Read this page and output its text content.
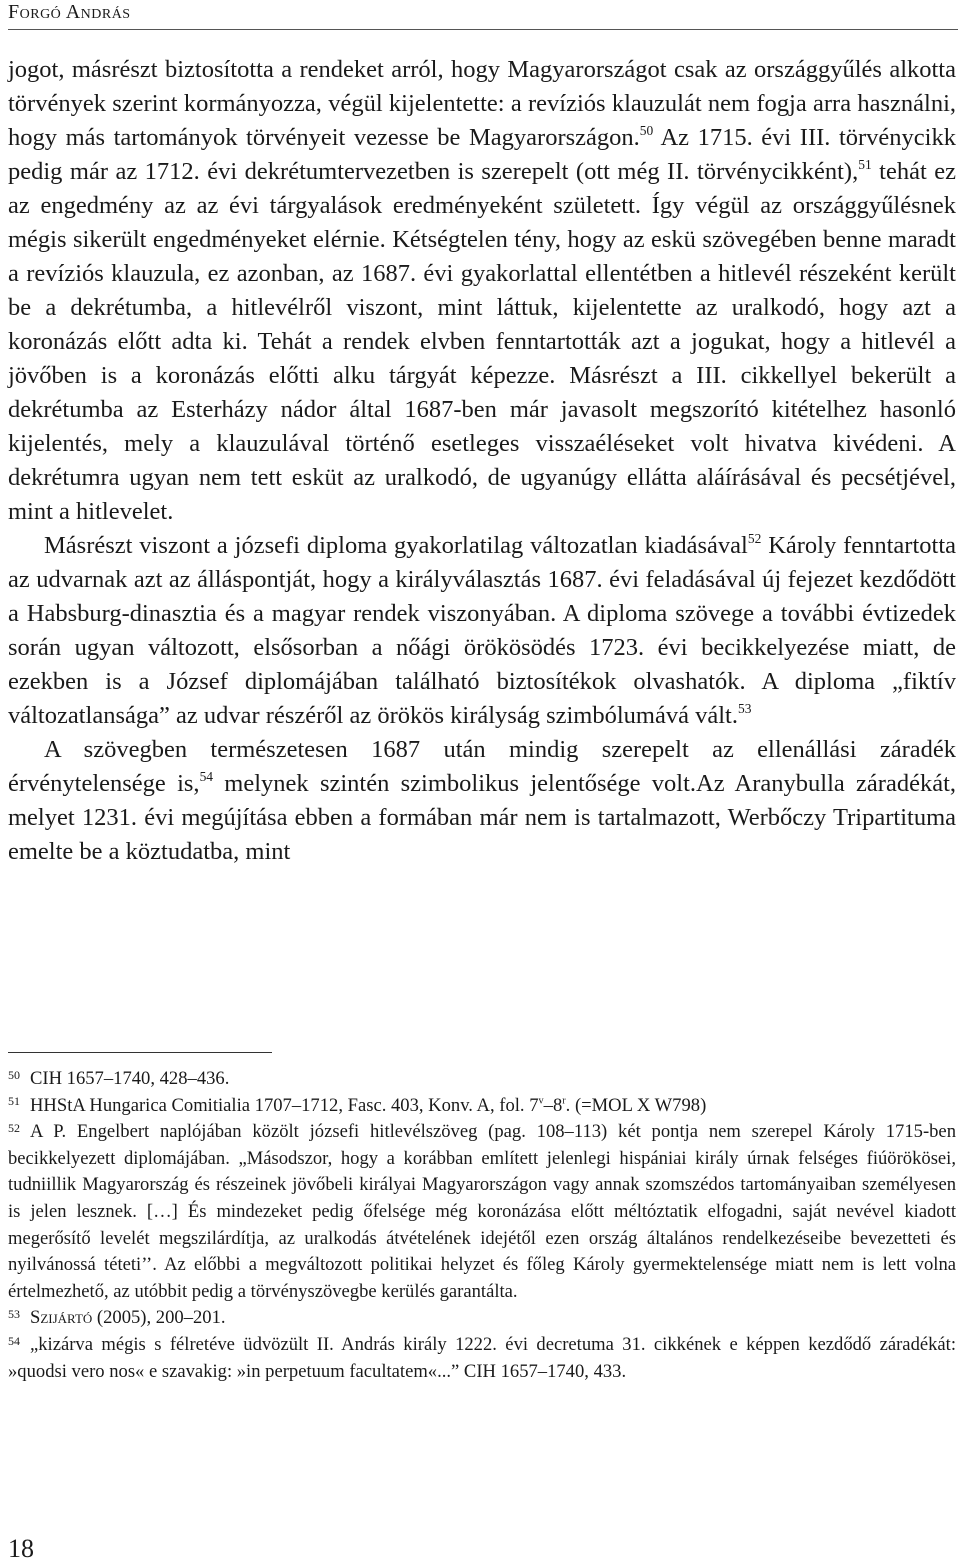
Forgó András

jogot, másrészt biztosította a rendeket arról, hogy Magyarországot csak az országgyűlés alkotta törvények szerint kormányozza, végül kijelentette: a revíziós klauzulát nem fogja arra használni, hogy más tartományok törvényeit vezesse be Magyarországon.$^{50}$ Az 1715. évi III. törvénycikk pedig már az 1712. évi dekrétumtervezetben is szerepelt (ott még II. törvénycikként),$^{51}$ tehát ez az engedmény az az évi tárgyalások eredményeként született. Így végül az országgyűlésnek mégis sikerült engedményeket elérnie. Kétségtelen tény, hogy az eskü szövegében benne maradt a revíziós klauzula, ez azonban, az 1687. évi gyakorlattal ellentétben a hitlevél részeként került be a dekrétumba, a hitlevélről viszont, mint láttuk, kijelentette az uralkodó, hogy azt a koronázás előtt adta ki. Tehát a rendek elvben fenntartották azt a jogukat, hogy a hitlevél a jövőben is a koronázás előtti alku tárgyát képezze. Másrészt a III. cikkellyel bekerült a dekrétumba az Esterházy nádor által 1687-ben már javasolt megszorító kitételhez hasonló kijelentés, mely a klauzulával történő esetleges visszaéléseket volt hivatva kivédeni. A dekrétumra ugyan nem tett esküt az uralkodó, de ugyanúgy ellátta aláírásával és pecsétjével, mint a hitlevelet.

Másrészt viszont a józsefi diploma gyakorlatilag változatlan kiadásával$^{52}$ Károly fenntartotta az udvarnak azt az álláspontját, hogy a királyválasztás 1687. évi feladásával új fejezet kezdődött a Habsburg-dinasztia és a magyar rendek viszonyában. A diploma szövege a további évtizedek során ugyan változott, elsősorban a nőági örökösödés 1723. évi becikkelyezése miatt, de ezekben is a József diplomájában található biztosítékok olvashatók. A diploma „fiktív változatlansága” az udvar részéről az örökös királyság szimbólumává vált.$^{53}$

A szövegben természetesen 1687 után mindig szerepelt az ellenállási záradék érvénytelensége is,$^{54}$ melynek szintén szimbolikus jelentősége volt.Az Aranybulla záradékát, melyet 1231. évi megújítása ebben a formában már nem is tartalmazott, Werbőczy Tripartituma emelte be a köztudatba, mint

50 CIH 1657–1740, 428–436.

51 HHStA Hungarica Comitialia 1707–1712, Fasc. 403, Konv. A, fol. 7$^v$–8$^r$. (=MOL X W798)

52 A P. Engelbert naplójában közölt józsefi hitlevélszöveg (pag. 108–113) két pontja nem szerepel Károly 1715-ben becikkelyezett diplomájában. „Másodszor, hogy a korábban említett jelenlegi hispániai király úrnak felséges fiúörökösei, tudniillik Magyarország és részeinek jövőbeli királyai Magyarországon vagy annak szomszédos tartományaiban személyesen is jelen lesznek. […] És mindezeket pedig őfelsége még koronázása előtt méltóztatik elfogadni, saját nevével kiadott megerősítő levelét megszilárdítja, az uralkodás átvételének idejétől ezen ország általános rendelkezéseibe bevezetteti és nyilvánossá téteti’’. Az előbbi a megváltozott politikai helyzet és főleg Károly gyermektelensége miatt nem is lett volna értelmezhető, az utóbbit pedig a törvényszövegbe kerülés garantálta.

53 Szijártó (2005), 200–201.

54 „kizárva mégis s félretéve üdvözült II. András király 1222. évi decretuma 31. cikkének e képpen kezdődő záradékát: »quodsi vero nos« e szavakig: »in perpetuum facultatem«...” CIH 1657–1740, 433.

18
